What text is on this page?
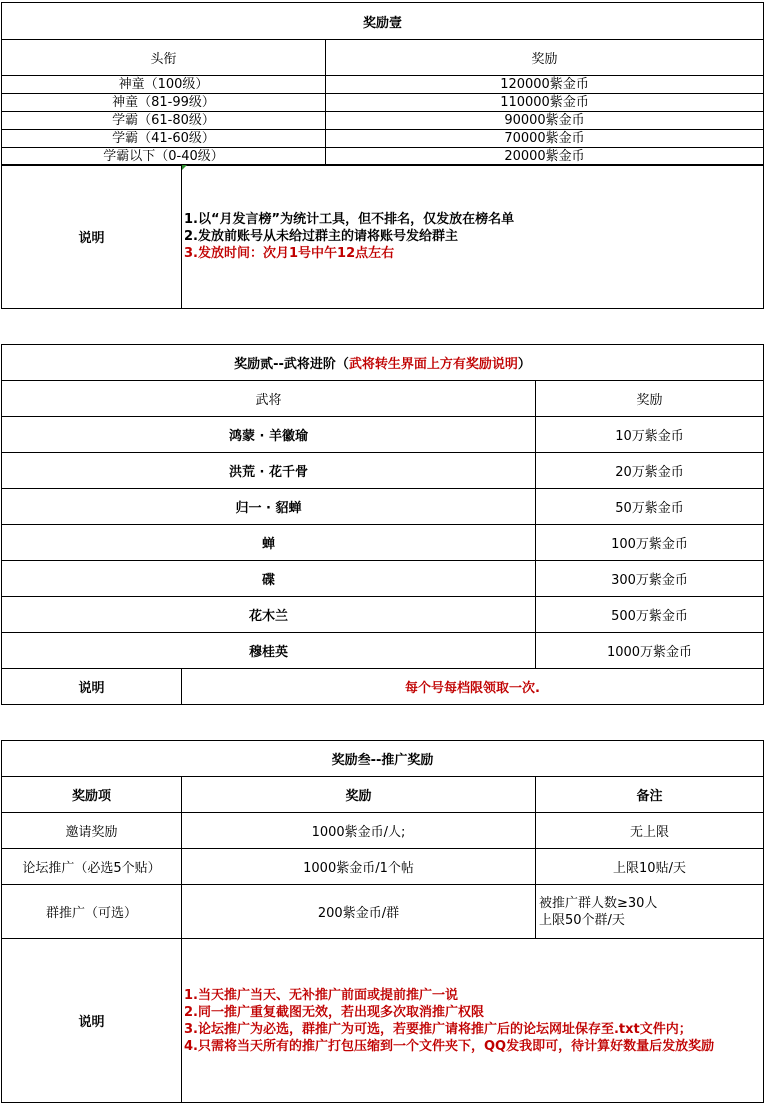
奖励壹	
头衔	奖励
神童（100级）	120000紫金币
神童（81-99级）	110000紫金币
学霸（61-80级）	90000紫金币
学霸（41-60级）	70000紫金币
学霸以下（0-40级）	20000紫金币
说明	
1.以“月发言榜”为统计工具，但不排名，仅发放在榜名单
2.发放前账号从未给过群主的请将账号发给群主
3.发放时间：次月1号中午12点左右
奖励贰--武将进阶（武将转生界面上方有奖励说明）	
武将	奖励
鸿蒙 · 羊徽瑜	10万紫金币
洪荒 · 花千骨	20万紫金币
归一 · 貂蝉	50万紫金币
蝉	100万紫金币
碟	300万紫金币
花木兰	500万紫金币
穆桂英	1000万紫金币
说明	每个号每档限领取一次.
奖励叁--推广奖励		
奖励项	奖励	备注
邀请奖励	1000紫金币/人;	无上限
论坛推广（必选5个贴）	1000紫金币/1个帖	上限10贴/天
群推广（可选）	200紫金币/群	被推广群人数≥30人
上限50个群/天
说明	
1.当天推广当天、无补推广前面或提前推广一说
2.同一推广重复截图无效，若出现多次取消推广权限
3.论坛推广为必选，群推广为可选，若要推广请将推广后的论坛网址保存至.txt文件内；
4.只需将当天所有的推广打包压缩到一个文件夹下，QQ发我即可，待计算好数量后发放奖励
